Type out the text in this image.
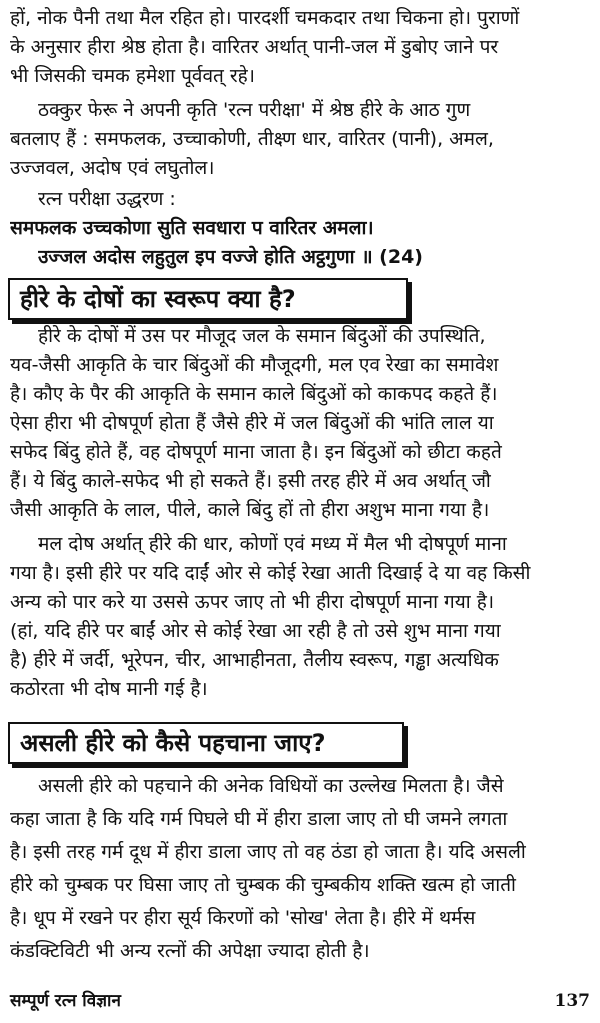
हों, नोक पैनी तथा मैल रहित हो। पारदर्शी चमकदार तथा चिकना हो। पुराणों
के अनुसार हीरा श्रेष्ठ होता है। वारितर अर्थात् पानी-जल में डुबोए जाने पर
भी जिसकी चमक हमेशा पूर्ववत् रहे।
ठक्कुर फेरू ने अपनी कृति 'रत्न परीक्षा' में श्रेष्ठ हीरे के आठ गुण
बतलाए हैं : समफलक, उच्चाकोणी, तीक्ष्ण धार, वारितर (पानी), अमल,
उज्जवल, अदोष एवं लघुतोल।
रत्न परीक्षा उद्धरण :
समफलक उच्चकोणा सुति सवधारा प वारितर अमला।
उज्जल अदोस लहुतुल इप वज्जे होति अट्ठगुणा ॥ (24)
हीरे के दोषों का स्वरूप क्या है?
हीरे के दोषों में उस पर मौजूद जल के समान बिंदुओं की उपस्थिति,
यव-जैसी आकृति के चार बिंदुओं की मौजूदगी, मल एव रेखा का समावेश
है। कौए के पैर की आकृति के समान काले बिंदुओं को काकपद कहते हैं।
ऐसा हीरा भी दोषपूर्ण होता हैं जैसे हीरे में जल बिंदुओं की भांति लाल या
सफेद बिंदु होते हैं, वह दोषपूर्ण माना जाता है। इन बिंदुओं को छीटा कहते
हैं। ये बिंदु काले-सफेद भी हो सकते हैं। इसी तरह हीरे में अव अर्थात् जौ
जैसी आकृति के लाल, पीले, काले बिंदु हों तो हीरा अशुभ माना गया है।
मल दोष अर्थात् हीरे की धार, कोणों एवं मध्य में मैल भी दोषपूर्ण माना
गया है। इसी हीरे पर यदि दाईं ओर से कोई रेखा आती दिखाई दे या वह किसी
अन्य को पार करे या उससे ऊपर जाए तो भी हीरा दोषपूर्ण माना गया है।
(हां, यदि हीरे पर बाईं ओर से कोई रेखा आ रही है तो उसे शुभ माना गया
है) हीरे में जर्दी, भूरेपन, चीर, आभाहीनता, तैलीय स्वरूप, गड्ढा अत्यधिक
कठोरता भी दोष मानी गई है।
असली हीरे को कैसे पहचाना जाए?
असली हीरे को पहचाने की अनेक विधियों का उल्लेख मिलता है। जैसे
कहा जाता है कि यदि गर्म पिघले घी में हीरा डाला जाए तो घी जमने लगता
है। इसी तरह गर्म दूध में हीरा डाला जाए तो वह ठंडा हो जाता है। यदि असली
हीरे को चुम्बक पर घिसा जाए तो चुम्बक की चुम्बकीय शक्ति खत्म हो जाती
है। धूप में रखने पर हीरा सूर्य किरणों को 'सोख' लेता है। हीरे में थर्मस
कंडक्टिविटी भी अन्य रत्नों की अपेक्षा ज्यादा होती है।
सम्पूर्ण रत्न विज्ञान	137
